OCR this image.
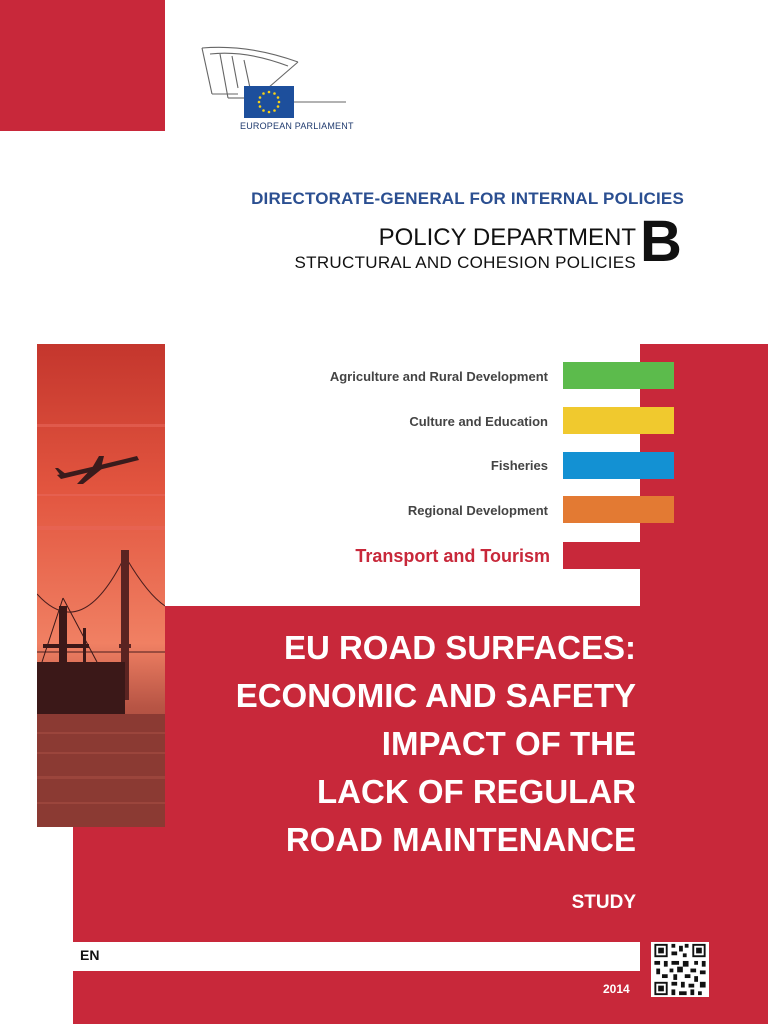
EUROPEAN PARLIAMENT
DIRECTORATE-GENERAL FOR INTERNAL POLICIES
POLICY DEPARTMENT
STRUCTURAL AND COHESION POLICIES B
Agriculture and Rural Development
Culture and Education
Fisheries
Regional Development
Transport and Tourism
EU ROAD SURFACES:
ECONOMIC AND SAFETY
IMPACT OF THE
LACK OF REGULAR
ROAD MAINTENANCE
STUDY
EN
2014
